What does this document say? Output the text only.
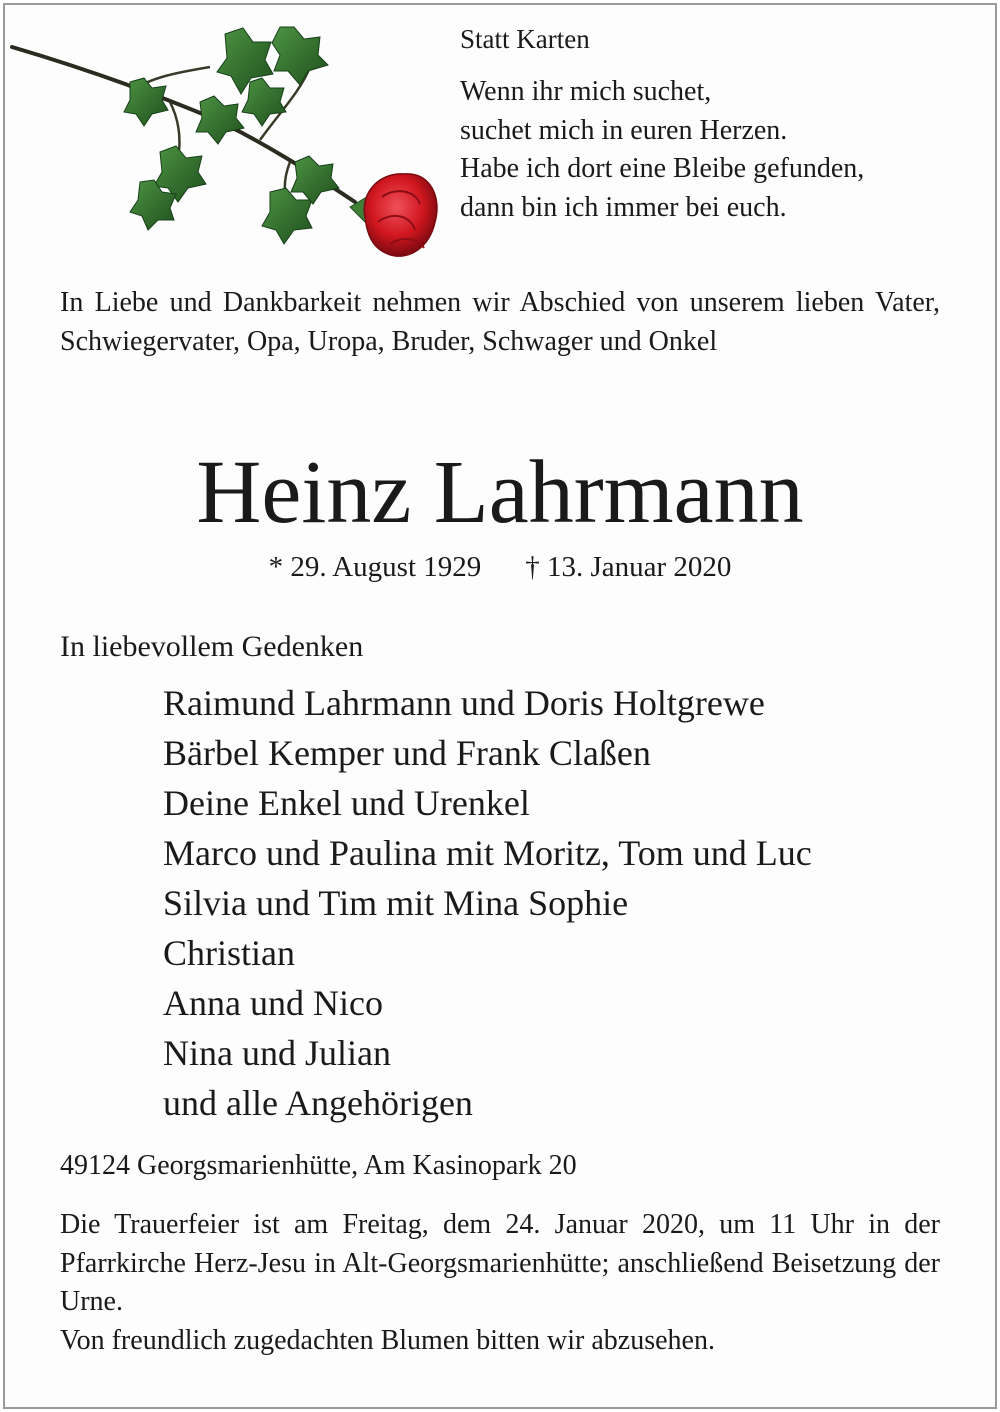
Statt Karten
Wenn ihr mich suchet,
suchet mich in euren Herzen.
Habe ich dort eine Bleibe gefunden,
dann bin ich immer bei euch.
In Liebe und Dankbarkeit nehmen wir Abschied von unserem lieben Vater, Schwiegervater, Opa, Uropa, Bruder, Schwager und Onkel
Heinz Lahrmann
* 29. August 1929 † 13. Januar 2020
In liebevollem Gedenken
Raimund Lahrmann und Doris Holtgrewe
Bärbel Kemper und Frank Claßen
Deine Enkel und Urenkel
Marco und Paulina mit Moritz, Tom und Luc
Silvia und Tim mit Mina Sophie
Christian
Anna und Nico
Nina und Julian
und alle Angehörigen
49124 Georgsmarienhütte, Am Kasinopark 20
Die Trauerfeier ist am Freitag, dem 24. Januar 2020, um 11 Uhr in der Pfarrkirche Herz-Jesu in Alt-Georgsmarienhütte; anschließend Beisetzung der Urne.
Von freundlich zugedachten Blumen bitten wir abzusehen.
